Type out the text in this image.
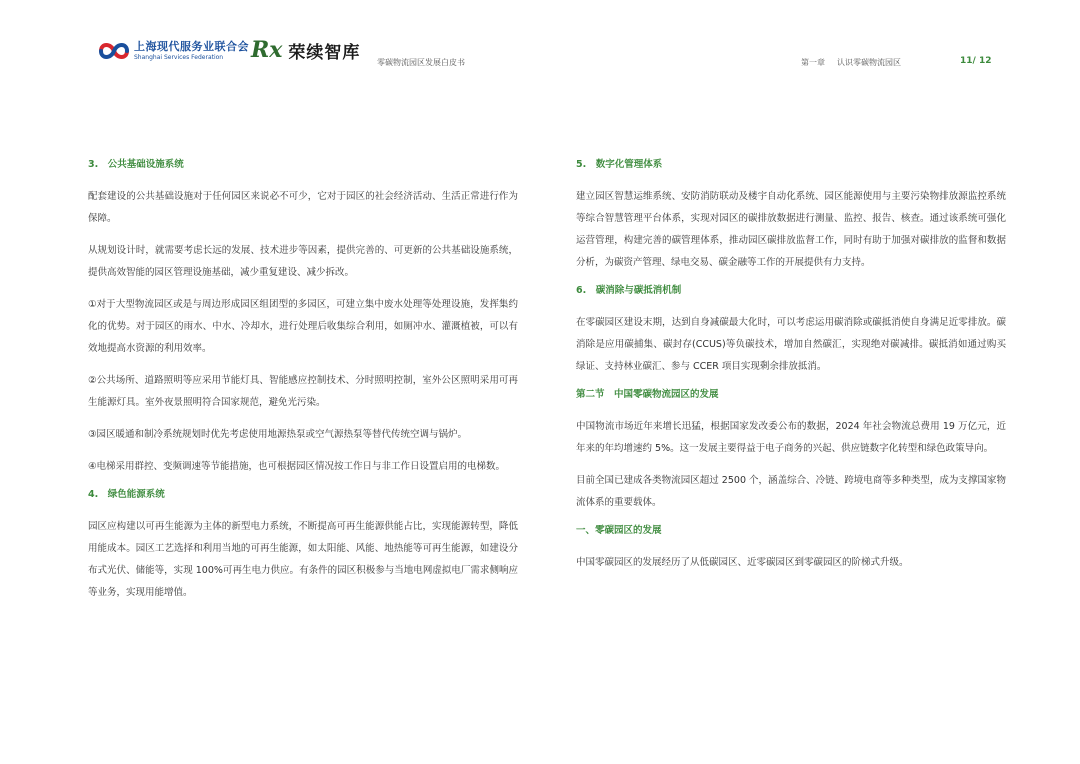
上海现代服务业联合会
Shanghai Services Federation	Rx 荣续智库 零碳物流园区发展白皮书	第一章 认识零碳物流园区	11/ 12
3.　公共基础设施系统
配套建设的公共基础设施对于任何园区来说必不可少，它对于园区的社会经济活动、生活正常进行作为保障。
从规划设计时，就需要考虑长远的发展、技术进步等因素，提供完善的、可更新的公共基础设施系统，提供高效智能的园区管理设施基础，减少重复建设、减少拆改。
①对于大型物流园区或是与周边形成园区组团型的多园区，可建立集中废水处理等处理设施，发挥集约化的优势。对于园区的雨水、中水、冷却水，进行处理后收集综合利用，如厕冲水、灌溉植被，可以有效地提高水资源的利用效率。
②公共场所、道路照明等应采用节能灯具、智能感应控制技术、分时照明控制，室外公区照明采用可再生能源灯具。室外夜景照明符合国家规范，避免光污染。
③园区暖通和制冷系统规划时优先考虑使用地源热泵或空气源热泵等替代传统空调与锅炉。
④电梯采用群控、变频调速等节能措施，也可根据园区情况按工作日与非工作日设置启用的电梯数。
4.　绿色能源系统
园区应构建以可再生能源为主体的新型电力系统，不断提高可再生能源供能占比，实现能源转型，降低用能成本。园区工艺选择和利用当地的可再生能源，如太阳能、风能、地热能等可再生能源，如建设分布式光伏、储能等，实现 100%可再生电力供应。有条件的园区积极参与当地电网虚拟电厂需求侧响应等业务，实现用能增值。
5.　数字化管理体系
建立园区智慧运维系统、安防消防联动及楼宇自动化系统、园区能源使用与主要污染物排放源监控系统等综合智慧管理平台体系，实现对园区的碳排放数据进行测量、监控、报告、核查。通过该系统可强化运营管理，构建完善的碳管理体系，推动园区碳排放监督工作，同时有助于加强对碳排放的监督和数据分析，为碳资产管理、绿电交易、碳金融等工作的开展提供有力支持。
6.　碳消除与碳抵消机制
在零碳园区建设末期，达到自身减碳最大化时，可以考虑运用碳消除或碳抵消使自身满足近零排放。碳消除是应用碳捕集、碳封存(CCUS)等负碳技术，增加自然碳汇，实现绝对碳减排。碳抵消如通过购买绿证、支持林业碳汇、参与 CCER 项目实现剩余排放抵消。
第二节　中国零碳物流园区的发展
中国物流市场近年来增长迅猛，根据国家发改委公布的数据，2024 年社会物流总费用 19 万亿元，近年来的年均增速约 5%。这一发展主要得益于电子商务的兴起、供应链数字化转型和绿色政策导向。
目前全国已建成各类物流园区超过 2500 个，涵盖综合、冷链、跨境电商等多种类型，成为支撑国家物流体系的重要载体。
一、零碳园区的发展
中国零碳园区的发展经历了从低碳园区、近零碳园区到零碳园区的阶梯式升级。
